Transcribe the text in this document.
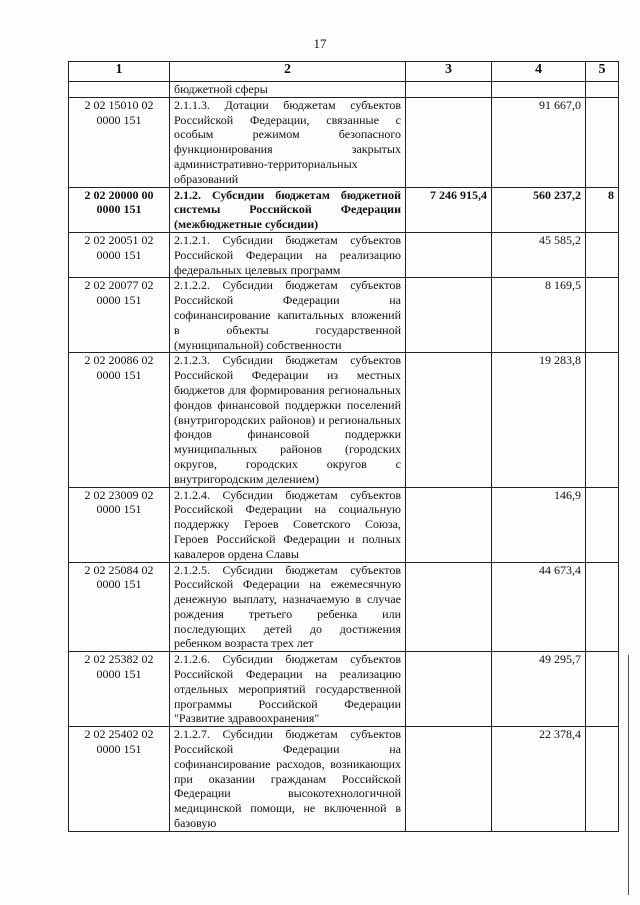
17
1	2	3	4	5
	бюджетной сферы			
2 02 15010 02 0000 151	2.1.1.3. Дотации бюджетам субъектов Российской Федерации, связанные с особым режимом безопасного функционирования закрытых административно-территориальных образований		91 667,0	
2 02 20000 00 0000 151	2.1.2. Субсидии бюджетам бюджетной системы Российской Федерации (межбюджетные субсидии)	7 246 915,4	560 237,2	8
2 02 20051 02 0000 151	2.1.2.1. Субсидии бюджетам субъектов Российской Федерации на реализацию федеральных целевых программ		45 585,2	
2 02 20077 02 0000 151	2.1.2.2. Субсидии бюджетам субъектов Российской Федерации на софинансирование капитальных вложений в объекты государственной (муниципальной) собственности		8 169,5	
2 02 20086 02 0000 151	2.1.2.3. Субсидии бюджетам субъектов Российской Федерации из местных бюджетов для формирования региональных фондов финансовой поддержки поселений (внутригородских районов) и региональных фондов финансовой поддержки муниципальных районов (городских округов, городских округов с внутригородским делением)		19 283,8	
2 02 23009 02 0000 151	2.1.2.4. Субсидии бюджетам субъектов Российской Федерации на социальную поддержку Героев Советского Союза, Героев Российской Федерации и полных кавалеров ордена Славы		146,9	
2 02 25084 02 0000 151	2.1.2.5. Субсидии бюджетам субъектов Российской Федерации на ежемесячную денежную выплату, назначаемую в случае рождения третьего ребенка или последующих детей до достижения ребенком возраста трех лет		44 673,4	
2 02 25382 02 0000 151	2.1.2.6. Субсидии бюджетам субъектов Российской Федерации на реализацию отдельных мероприятий государственной программы Российской Федерации "Развитие здравоохранения"		49 295,7	
2 02 25402 02 0000 151	2.1.2.7. Субсидии бюджетам субъектов Российской Федерации на софинансирование расходов, возникающих при оказании гражданам Российской Федерации высокотехнологичной медицинской помощи, не включенной в базовую		22 378,4	
